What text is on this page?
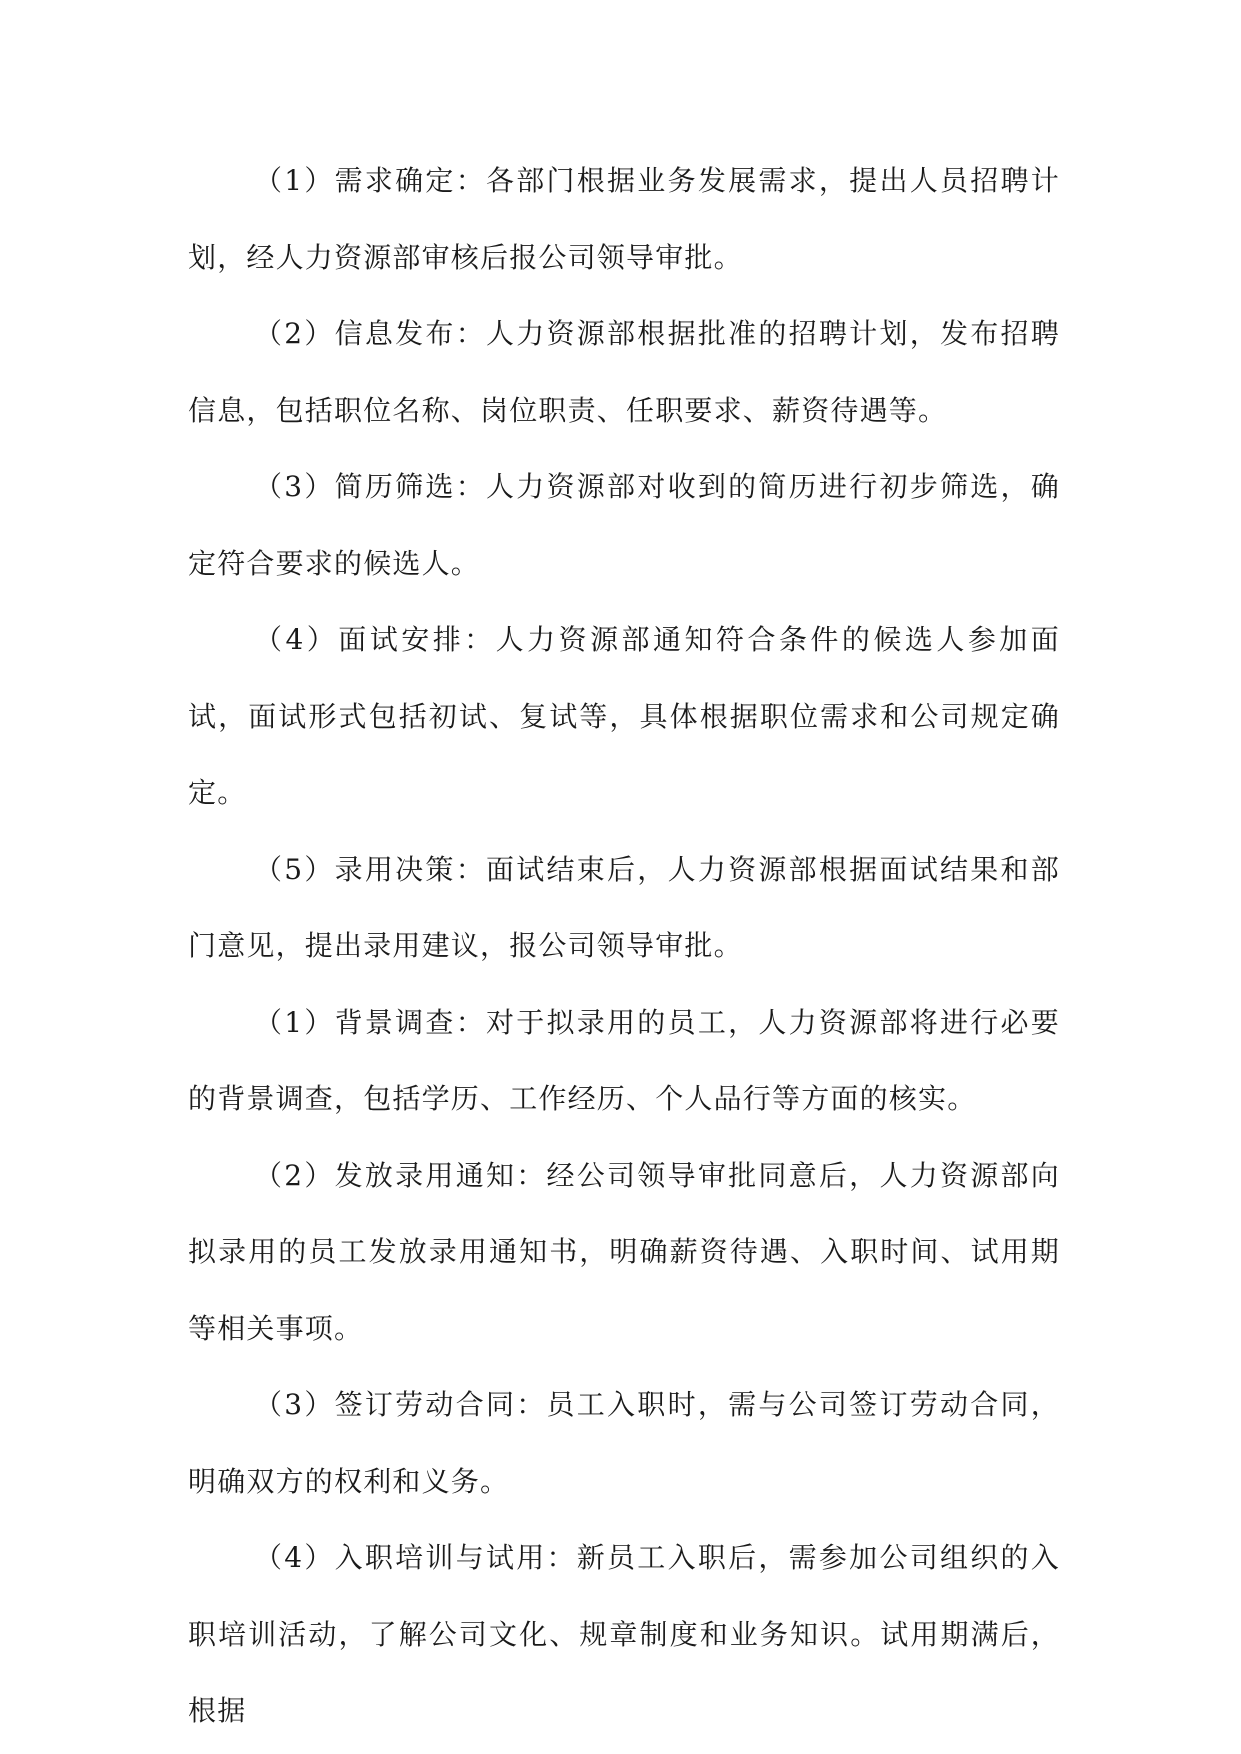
（1）需求确定：各部门根据业务发展需求，提出人员招聘计划，经人力资源部审核后报公司领导审批。

（2）信息发布：人力资源部根据批准的招聘计划，发布招聘信息，包括职位名称、岗位职责、任职要求、薪资待遇等。

（3）简历筛选：人力资源部对收到的简历进行初步筛选，确定符合要求的候选人。

（4）面试安排：人力资源部通知符合条件的候选人参加面试，面试形式包括初试、复试等，具体根据职位需求和公司规定确定。

（5）录用决策：面试结束后，人力资源部根据面试结果和部门意见，提出录用建议，报公司领导审批。

（1）背景调查：对于拟录用的员工，人力资源部将进行必要的背景调查，包括学历、工作经历、个人品行等方面的核实。

（2）发放录用通知：经公司领导审批同意后，人力资源部向拟录用的员工发放录用通知书，明确薪资待遇、入职时间、试用期等相关事项。

（3）签订劳动合同：员工入职时，需与公司签订劳动合同，明确双方的权利和义务。

（4）入职培训与试用：新员工入职后，需参加公司组织的入职培训活动，了解公司文化、规章制度和业务知识。试用期满后，根据
